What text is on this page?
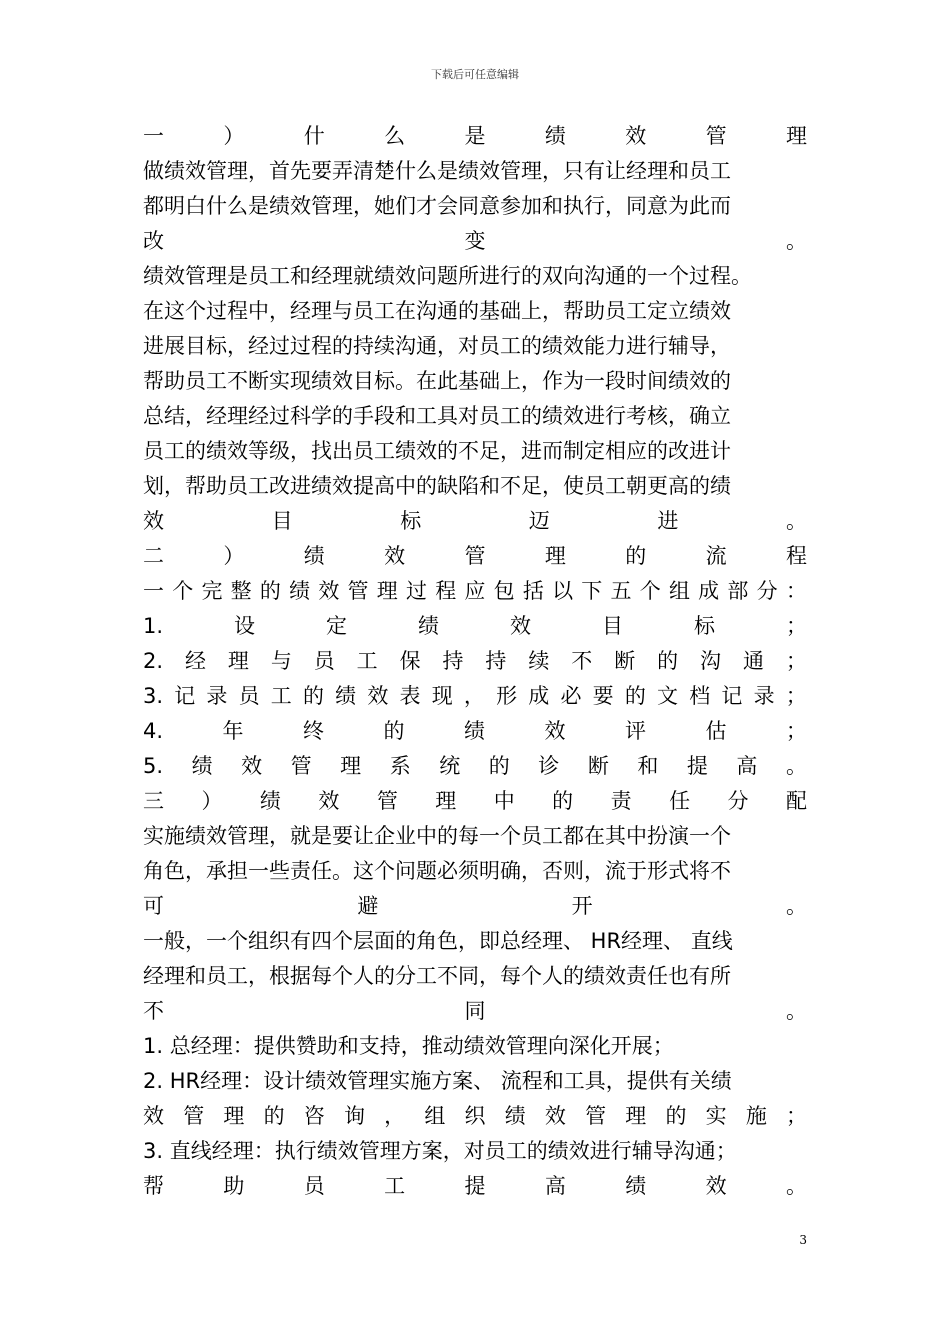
下载后可任意编辑
一	）	什	么	是	绩	效	管	理
做绩效管理，首先要弄清楚什么是绩效管理，只有让经理和员工
都明白什么是绩效管理，她们才会同意参加和执行，同意为此而
改	变	。
绩效管理是员工和经理就绩效问题所进行的双向沟通的一个过程。
在这个过程中，经理与员工在沟通的基础上，帮助员工定立绩效
进展目标，经过过程的持续沟通，对员工的绩效能力进行辅导，
帮助员工不断实现绩效目标。在此基础上，作为一段时间绩效的
总结，经理经过科学的手段和工具对员工的绩效进行考核，确立
员工的绩效等级，找出员工绩效的不足，进而制定相应的改进计
划，帮助员工改进绩效提高中的缺陷和不足，使员工朝更高的绩
效	目	标	迈	进	。
二	）	绩	效	管	理	的	流	程
一 个 完 整 的 绩 效 管 理 过 程 应 包 括 以 下 五 个 组 成 部 分 ：
1.	设	定	绩	效	目	标	；
2. 经 理 与 员 工 保 持 持 续 不 断 的 沟 通 ；
3. 记 录 员 工 的 绩 效 表 现 ， 形 成 必 要 的 文 档 记 录 ；
4.	年	终	的	绩	效	评	估	；
5. 绩 效 管 理 系 统 的 诊 断 和 提 高 。
三 ） 绩 效 管 理 中 的 责 任 分 配
实施绩效管理，就是要让企业中的每一个员工都在其中扮演一个
角色，承担一些责任。这个问题必须明确，否则，流于形式将不
可	避	开	。
一般，一个组织有四个层面的角色，即总经理、 HR经理、 直线
经理和员工，根据每个人的分工不同，每个人的绩效责任也有所
不	同	。
1. 总经理：提供赞助和支持，推动绩效管理向深化开展；
2. HR经理：设计绩效管理实施方案、 流程和工具，提供有关绩
效 管 理 的 咨 询 ， 组 织 绩 效 管 理 的 实 施 ；
3. 直线经理：执行绩效管理方案，对员工的绩效进行辅导沟通；
帮	助	员	工	提	高	绩	效	。
3
